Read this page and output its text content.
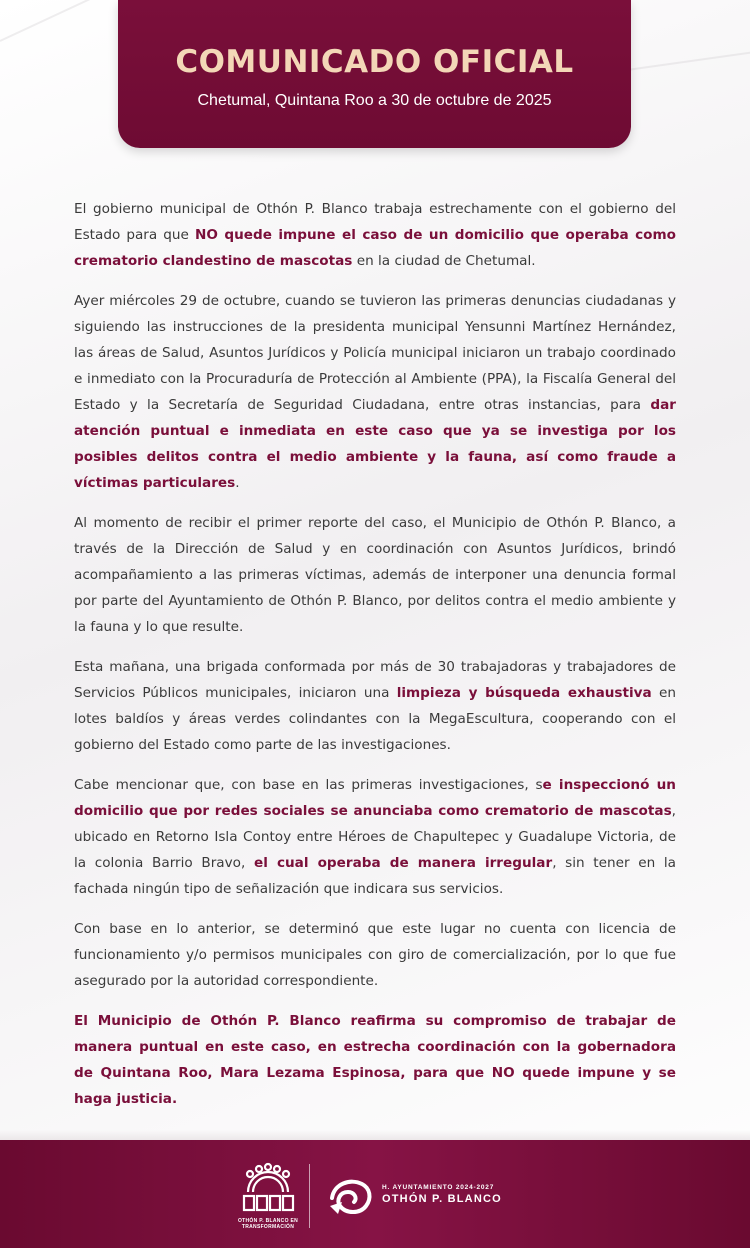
COMUNICADO OFICIAL
Chetumal, Quintana Roo a 30 de octubre de 2025

El gobierno municipal de Othón P. Blanco trabaja estrechamente con el gobierno del Estado para que NO quede impune el caso de un domicilio que operaba como crematorio clandestino de mascotas en la ciudad de Chetumal.

Ayer miércoles 29 de octubre, cuando se tuvieron las primeras denuncias ciudadanas y siguiendo las instrucciones de la presidenta municipal Yensunni Martínez Hernández, las áreas de Salud, Asuntos Jurídicos y Policía municipal iniciaron un trabajo coordinado e inmediato con la Procuraduría de Protección al Ambiente (PPA), la Fiscalía General del Estado y la Secretaría de Seguridad Ciudadana, entre otras instancias, para dar atención puntual e inmediata en este caso que ya se investiga por los posibles delitos contra el medio ambiente y la fauna, así como fraude a víctimas particulares.

Al momento de recibir el primer reporte del caso, el Municipio de Othón P. Blanco, a través de la Dirección de Salud y en coordinación con Asuntos Jurídicos, brindó acompañamiento a las primeras víctimas, además de interponer una denuncia formal por parte del Ayuntamiento de Othón P. Blanco, por delitos contra el medio ambiente y la fauna y lo que resulte.

Esta mañana, una brigada conformada por más de 30 trabajadoras y trabajadores de Servicios Públicos municipales, iniciaron una limpieza y búsqueda exhaustiva en lotes baldíos y áreas verdes colindantes con la MegaEscultura, cooperando con el gobierno del Estado como parte de las investigaciones.

Cabe mencionar que, con base en las primeras investigaciones, se inspeccionó un domicilio que por redes sociales se anunciaba como crematorio de mascotas, ubicado en Retorno Isla Contoy entre Héroes de Chapultepec y Guadalupe Victoria, de la colonia Barrio Bravo, el cual operaba de manera irregular, sin tener en la fachada ningún tipo de señalización que indicara sus servicios.

Con base en lo anterior, se determinó que este lugar no cuenta con licencia de funcionamiento y/o permisos municipales con giro de comercialización, por lo que fue asegurado por la autoridad correspondiente.

El Municipio de Othón P. Blanco reafirma su compromiso de trabajar de manera puntual en este caso, en estrecha coordinación con la gobernadora de Quintana Roo, Mara Lezama Espinosa, para que NO quede impune y se haga justicia.

OTHÓN P. BLANCO EN
TRANSFORMACIÓN
H. AYUNTAMIENTO 2024-2027
OTHÓN P. BLANCO
